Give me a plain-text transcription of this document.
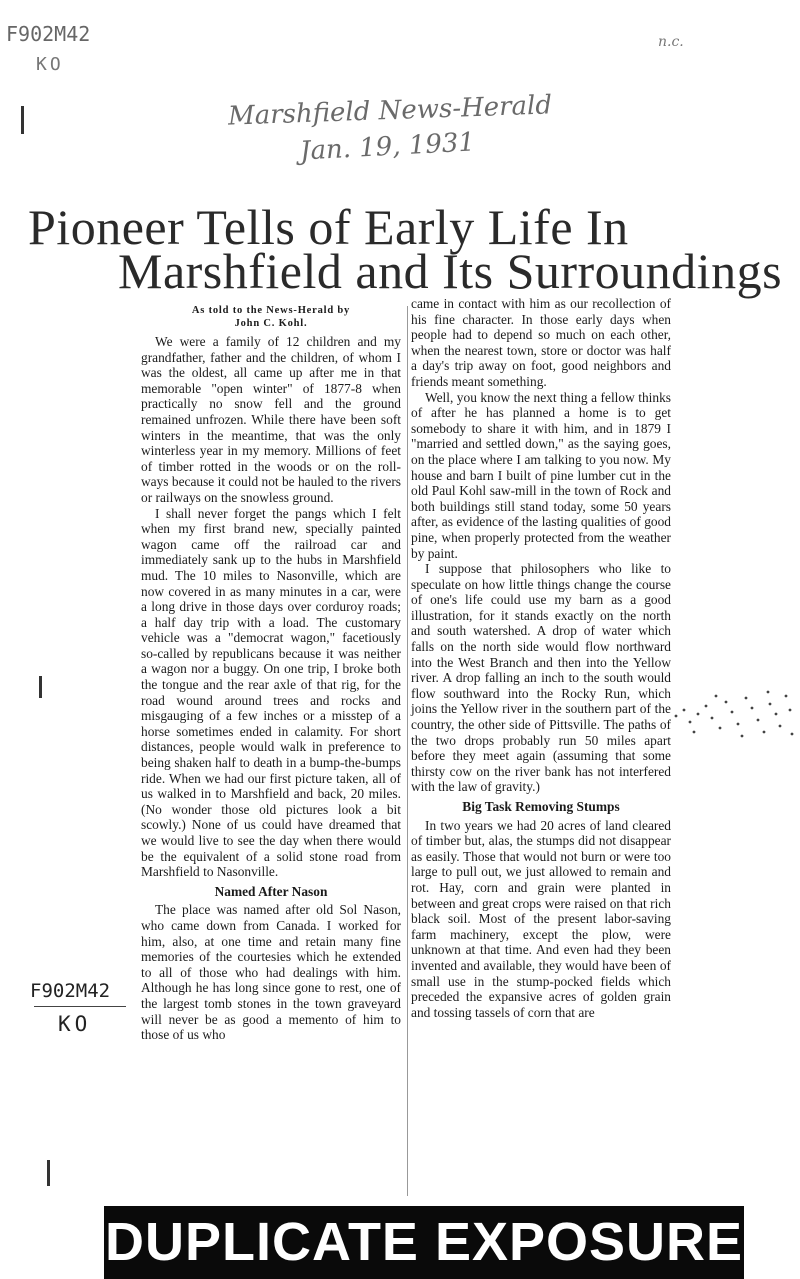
F902M42
KO
n.c.
Marshfield News-Herald
Jan. 19, 1931
Pioneer Tells of Early Life In
Marshfield and Its Surroundings
As told to the News-Herald by
John C. Kohl.

We were a family of 12 children and my grandfather, father and the children, of whom I was the oldest, all came up after me in that memorable "open winter" of 1877-8 when practically no snow fell and the ground remained unfrozen. While there have been soft winters in the meantime, that was the only winterless year in my memory. Millions of feet of timber rotted in the woods or on the roll-ways because it could not be hauled to the rivers or railways on the snowless ground.

I shall never forget the pangs which I felt when my first brand new, specially painted wagon came off the railroad car and immediately sank up to the hubs in Marshfield mud. The 10 miles to Nasonville, which are now covered in as many minutes in a car, were a long drive in those days over corduroy roads; a half day trip with a load. The customary vehicle was a "democrat wagon," facetiously so-called by republicans because it was neither a wagon nor a buggy. On one trip, I broke both the tongue and the rear axle of that rig, for the road wound around trees and rocks and misgauging of a few inches or a misstep of a horse sometimes ended in calamity. For short distances, people would walk in preference to being shaken half to death in a bump-the-bumps ride. When we had our first picture taken, all of us walked in to Marshfield and back, 20 miles. (No wonder those old pictures look a bit scowly.) None of us could have dreamed that we would live to see the day when there would be the equivalent of a solid stone road from Marshfield to Nasonville.

Named After Nason

The place was named after old Sol Nason, who came down from Canada. I worked for him, also, at one time and retain many fine memories of the courtesies which he extended to all of those who had dealings with him. Although he has long since gone to rest, one of the largest tomb stones in the town graveyard will never be as good a memento of him to those of us who

came in contact with him as our recollection of his fine character. In those early days when people had to depend so much on each other, when the nearest town, store or doctor was half a day's trip away on foot, good neighbors and friends meant something.

Well, you know the next thing a fellow thinks of after he has planned a home is to get somebody to share it with him, and in 1879 I "married and settled down," as the saying goes, on the place where I am talking to you now. My house and barn I built of pine lumber cut in the old Paul Kohl saw-mill in the town of Rock and both buildings still stand today, some 50 years after, as evidence of the lasting qualities of good pine, when properly protected from the weather by paint.

I suppose that philosophers who like to speculate on how little things change the course of one's life could use my barn as a good illustration, for it stands exactly on the north and south watershed. A drop of water which falls on the north side would flow northward into the West Branch and then into the Yellow river. A drop falling an inch to the south would flow southward into the Rocky Run, which joins the Yellow river in the southern part of the country, the other side of Pittsville. The paths of the two drops probably run 50 miles apart before they meet again (assuming that some thirsty cow on the river bank has not interfered with the law of gravity.)

Big Task Removing Stumps

In two years we had 20 acres of land cleared of timber but, alas, the stumps did not disappear as easily. Those that would not burn or were too large to pull out, we just allowed to remain and rot. Hay, corn and grain were planted in between and great crops were raised on that rich black soil. Most of the present labor-saving farm machinery, except the plow, were unknown at that time. And even had they been invented and available, they would have been of small use in the stump-pocked fields which preceded the expansive acres of golden grain and tossing tassels of corn that are

F902M42
KO
DUPLICATE EXPOSURE
